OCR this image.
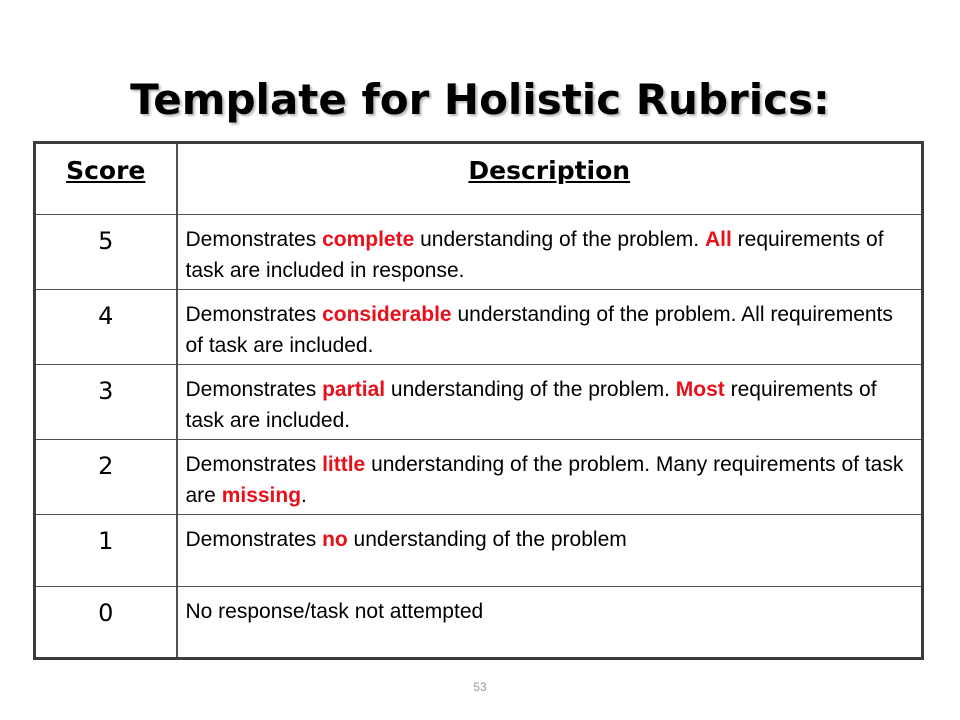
Template for Holistic Rubrics:
Score	Description
5	Demonstrates complete understanding of the problem. All requirements of task are included in response.
4	Demonstrates considerable understanding of the problem. All requirements of task are included.
3	Demonstrates partial understanding of the problem. Most requirements of task are included.
2	Demonstrates little understanding of the problem. Many requirements of task are missing.
1	Demonstrates no understanding of the problem
0	No response/task not attempted
53
